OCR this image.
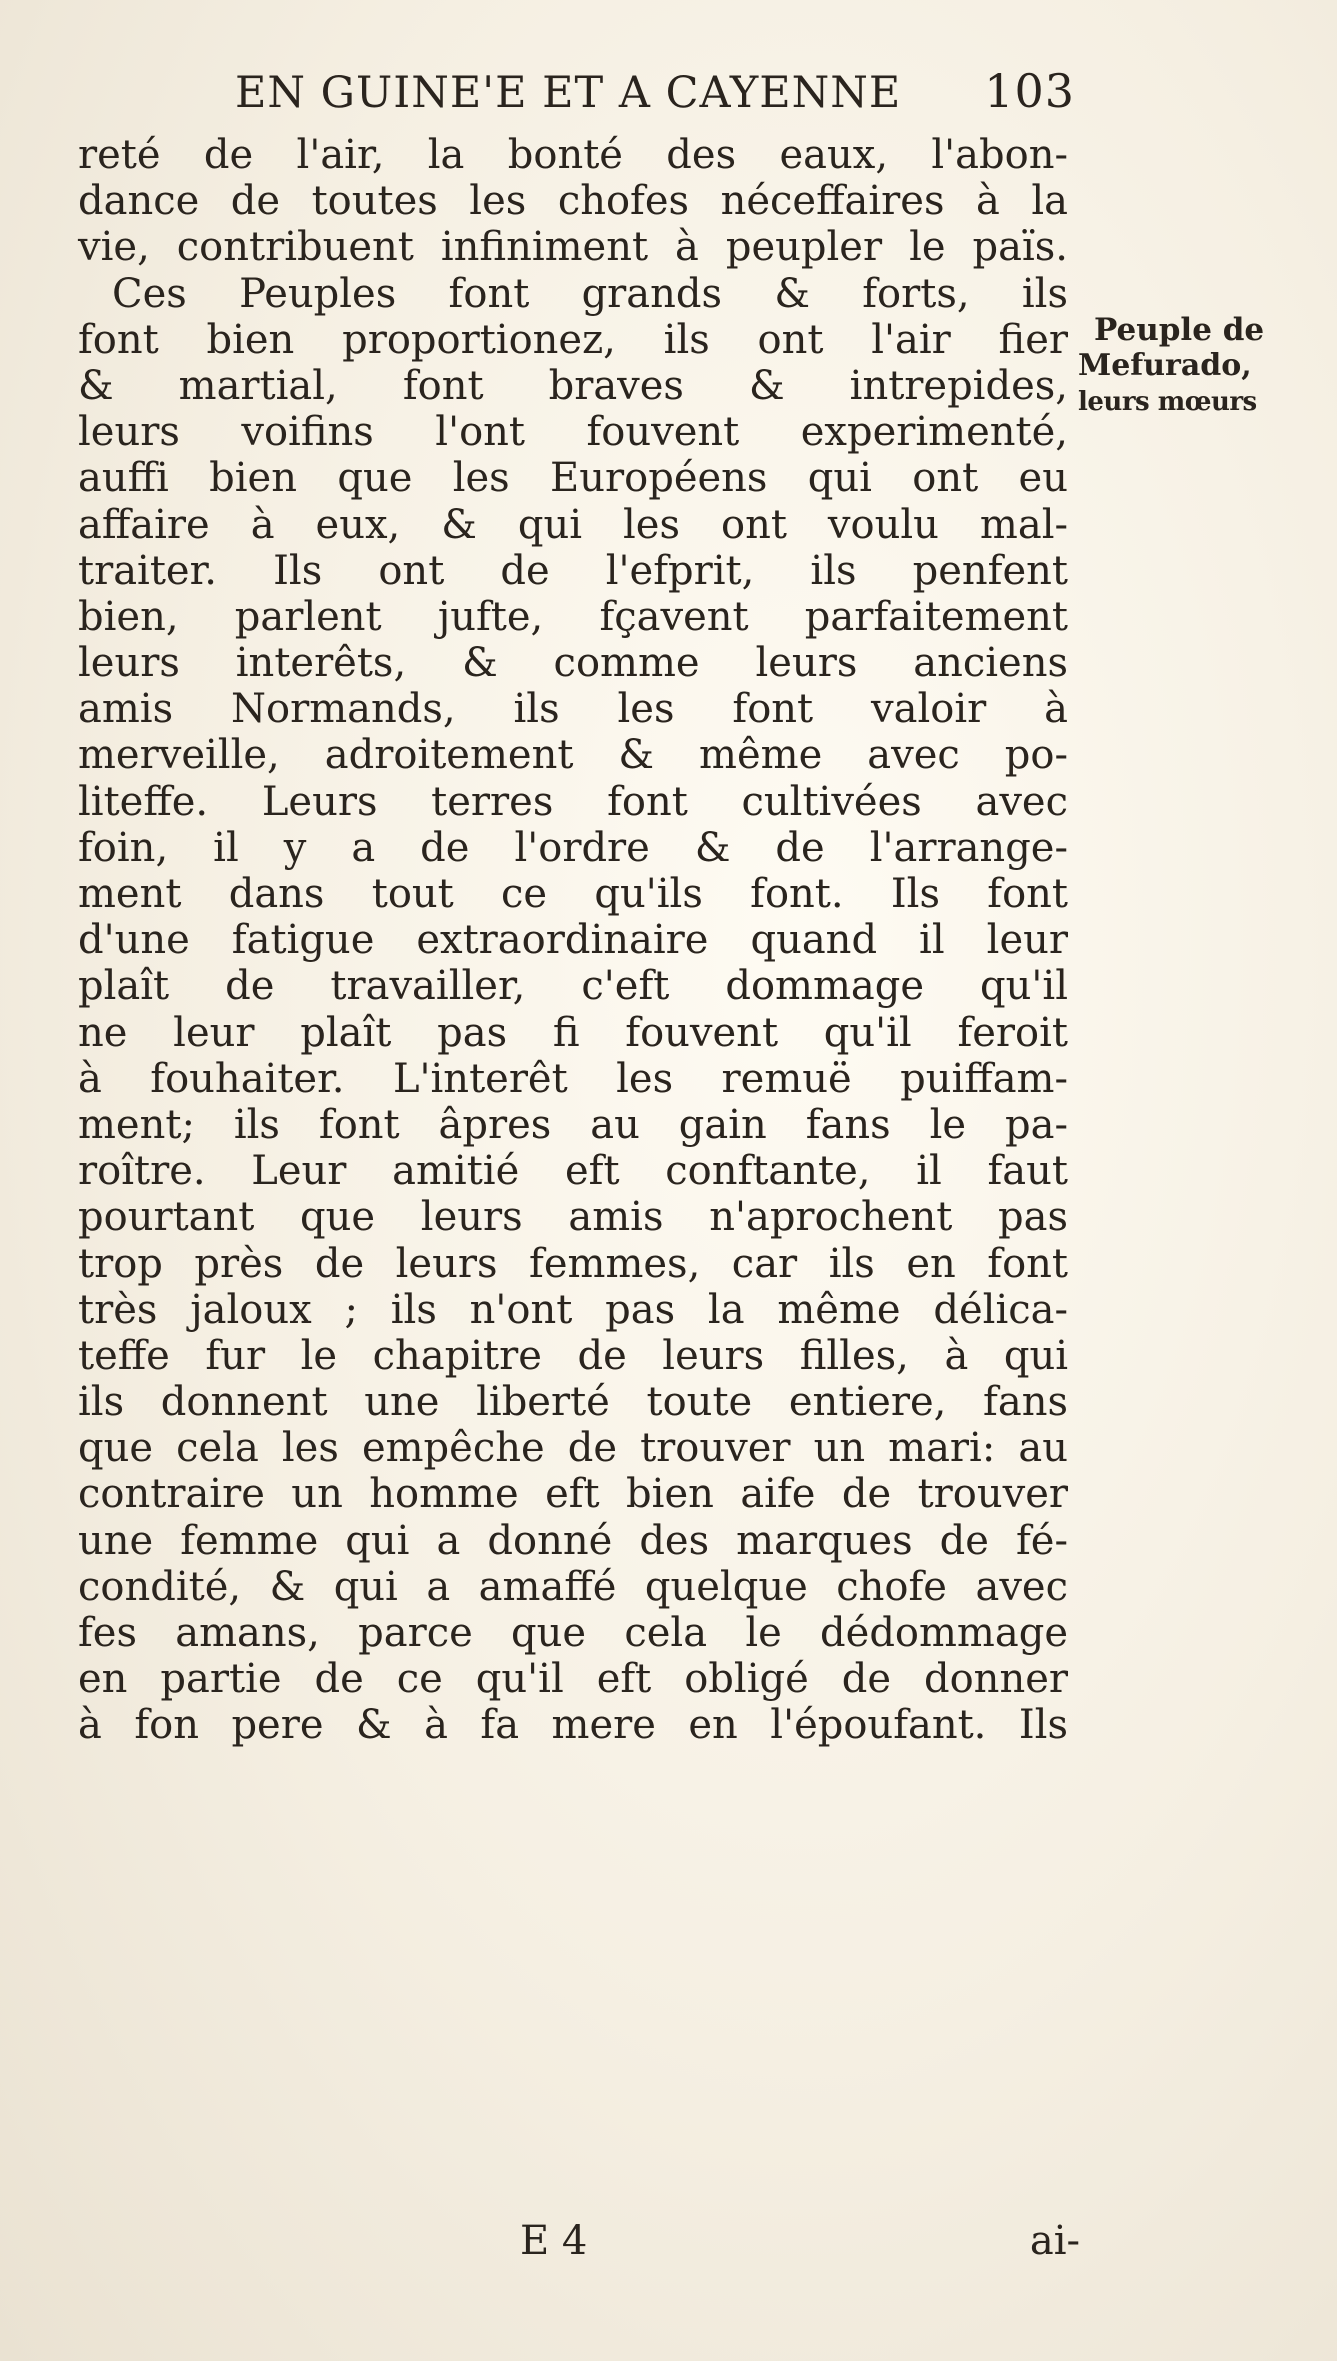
EN GUINE'E ET A CAYENNE 103
reté de l'air, la bonté des eaux, l'abon-
dance de toutes les chofes néceffaires à la
vie, contribuent infiniment à peupler le païs.
Ces Peuples font grands & forts, ils
font bien proportionez, ils ont l'air fier
& martial, font braves & intrepides,
leurs voifins l'ont fouvent experimenté,
auffi bien que les Européens qui ont eu
affaire à eux, & qui les ont voulu mal-
traiter. Ils ont de l'efprit, ils penfent
bien, parlent jufte, fçavent parfaitement
leurs interêts, & comme leurs anciens
amis Normands, ils les font valoir à
merveille, adroitement & même avec po-
liteffe. Leurs terres font cultivées avec
foin, il y a de l'ordre & de l'arrange-
ment dans tout ce qu'ils font. Ils font
d'une fatigue extraordinaire quand il leur
plaît de travailler, c'eft dommage qu'il
ne leur plaît pas fi fouvent qu'il feroit
à fouhaiter. L'interêt les remuë puiffam-
ment; ils font âpres au gain fans le pa-
roître. Leur amitié eft conftante, il faut
pourtant que leurs amis n'aprochent pas
trop près de leurs femmes, car ils en font
très jaloux ; ils n'ont pas la même délica-
teffe fur le chapitre de leurs filles, à qui
ils donnent une liberté toute entiere, fans
que cela les empêche de trouver un mari: au
contraire un homme eft bien aife de trouver
une femme qui a donné des marques de fé-
condité, & qui a amaffé quelque chofe avec
fes amans, parce que cela le dédommage
en partie de ce qu'il eft obligé de donner
à fon pere & à fa mere en l'époufant. Ils
Peuple de
Mefurado,
leurs mœurs
E 4	ai-
